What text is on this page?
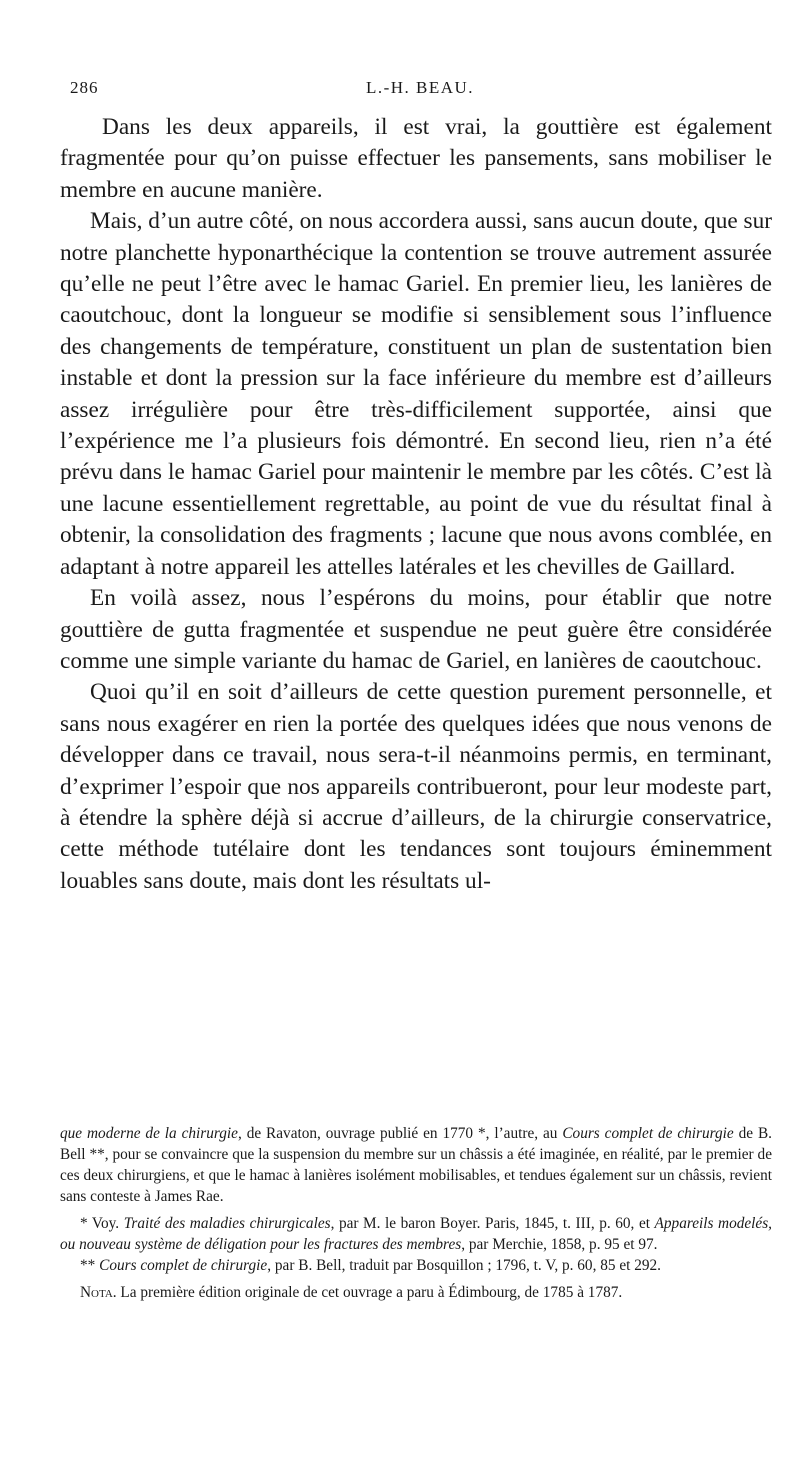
286	L.-H. BEAU.

Dans les deux appareils, il est vrai, la gouttière est également fragmentée pour qu’on puisse effectuer les pansements, sans mobiliser le membre en aucune manière.

Mais, d’un autre côté, on nous accordera aussi, sans aucun doute, que sur notre planchette hyponarthécique la contention se trouve autrement assurée qu’elle ne peut l’être avec le hamac Gariel. En premier lieu, les lanières de caoutchouc, dont la longueur se modifie si sensiblement sous l’influence des changements de température, constituent un plan de sustentation bien instable et dont la pression sur la face inférieure du membre est d’ailleurs assez irrégulière pour être très-difficilement supportée, ainsi que l’expérience me l’a plusieurs fois démontré. En second lieu, rien n’a été prévu dans le hamac Gariel pour maintenir le membre par les côtés. C’est là une lacune essentiellement regrettable, au point de vue du résultat final à obtenir, la consolidation des fragments ; lacune que nous avons comblée, en adaptant à notre appareil les attelles latérales et les chevilles de Gaillard.

En voilà assez, nous l’espérons du moins, pour établir que notre gouttière de gutta fragmentée et suspendue ne peut guère être considérée comme une simple variante du hamac de Gariel, en lanières de caoutchouc.

Quoi qu’il en soit d’ailleurs de cette question purement personnelle, et sans nous exagérer en rien la portée des quelques idées que nous venons de développer dans ce travail, nous sera-t-il néanmoins permis, en terminant, d’exprimer l’espoir que nos appareils contribueront, pour leur modeste part, à étendre la sphère déjà si accrue d’ailleurs, de la chirurgie conservatrice, cette méthode tutélaire dont les tendances sont toujours éminemment louables sans doute, mais dont les résultats ul-

que moderne de la chirurgie, de Ravaton, ouvrage publié en 1770 *, l’autre, au Cours complet de chirurgie de B. Bell **, pour se convaincre que la suspension du membre sur un châssis a été imaginée, en réalité, par le premier de ces deux chirurgiens, et que le hamac à lanières isolément mobilisables, et tendues également sur un châssis, revient sans conteste à James Rae.

* Voy. Traité des maladies chirurgicales, par M. le baron Boyer. Paris, 1845, t. III, p. 60, et Appareils modelés, ou nouveau système de déligation pour les fractures des membres, par Merchie, 1858, p. 95 et 97.

** Cours complet de chirurgie, par B. Bell, traduit par Bosquillon ; 1796, t. V, p. 60, 85 et 292.

Nota. La première édition originale de cet ouvrage a paru à Édimbourg, de 1785 à 1787.
